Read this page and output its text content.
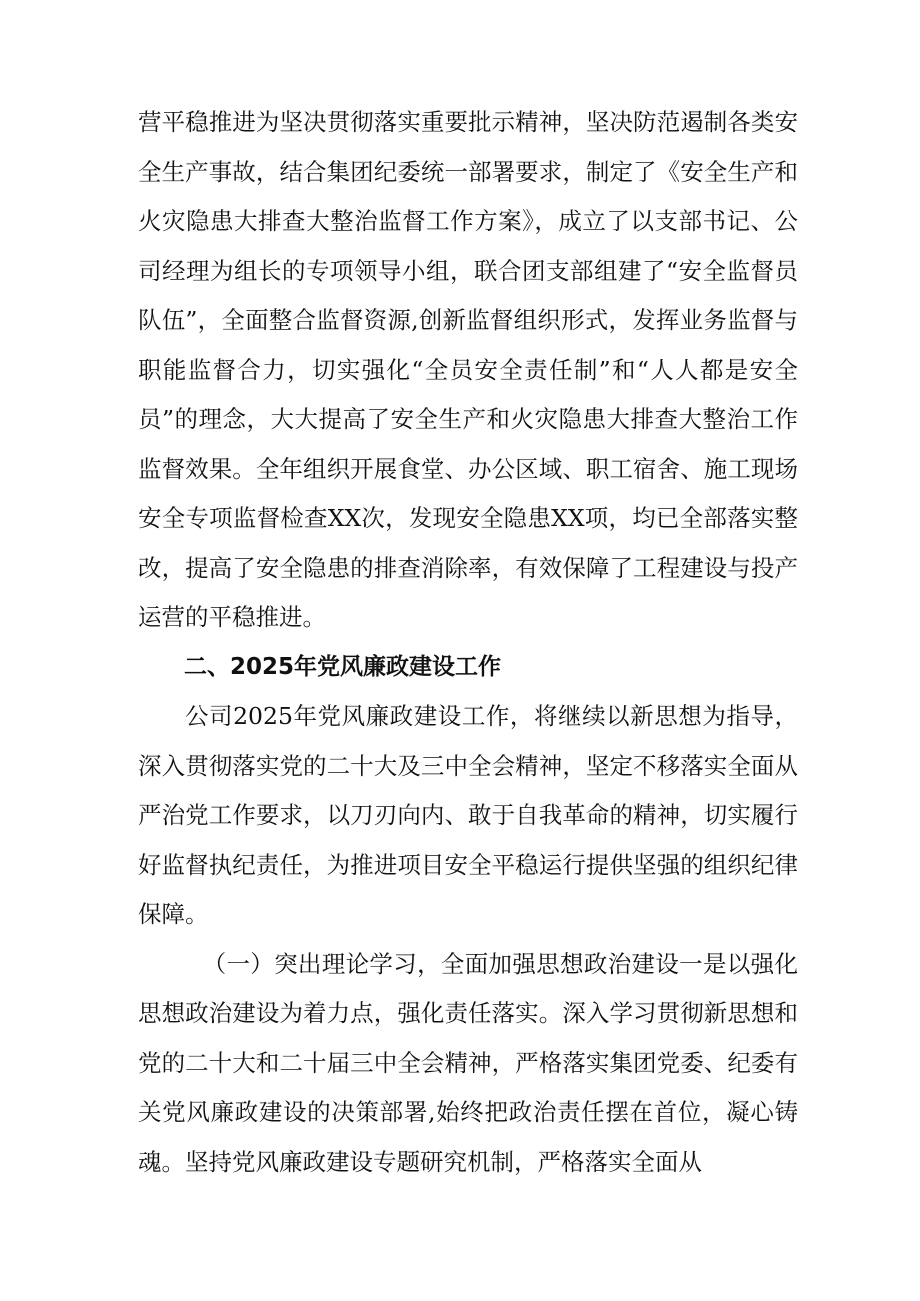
营平稳推进为坚决贯彻落实重要批示精神，坚决防范遏制各类安全生产事故，结合集团纪委统一部署要求，制定了《安全生产和火灾隐患大排查大整治监督工作方案》，成立了以支部书记、公司经理为组长的专项领导小组，联合团支部组建了“安全监督员队伍”，全面整合监督资源,创新监督组织形式，发挥业务监督与职能监督合力，切实强化“全员安全责任制”和“人人都是安全员”的理念，大大提高了安全生产和火灾隐患大排查大整治工作监督效果。全年组织开展食堂、办公区域、职工宿舍、施工现场安全专项监督检查XX次，发现安全隐患XX项，均已全部落实整改，提高了安全隐患的排查消除率，有效保障了工程建设与投产运营的平稳推进。

二、2025年党风廉政建设工作

公司2025年党风廉政建设工作，将继续以新思想为指导，深入贯彻落实党的二十大及三中全会精神，坚定不移落实全面从严治党工作要求，以刀刃向内、敢于自我革命的精神，切实履行好监督执纪责任，为推进项目安全平稳运行提供坚强的组织纪律保障。

（一）突出理论学习，全面加强思想政治建设一是以强化思想政治建设为着力点，强化责任落实。深入学习贯彻新思想和党的二十大和二十届三中全会精神，严格落实集团党委、纪委有关党风廉政建设的决策部署,始终把政治责任摆在首位，凝心铸魂。坚持党风廉政建设专题研究机制，严格落实全面从
